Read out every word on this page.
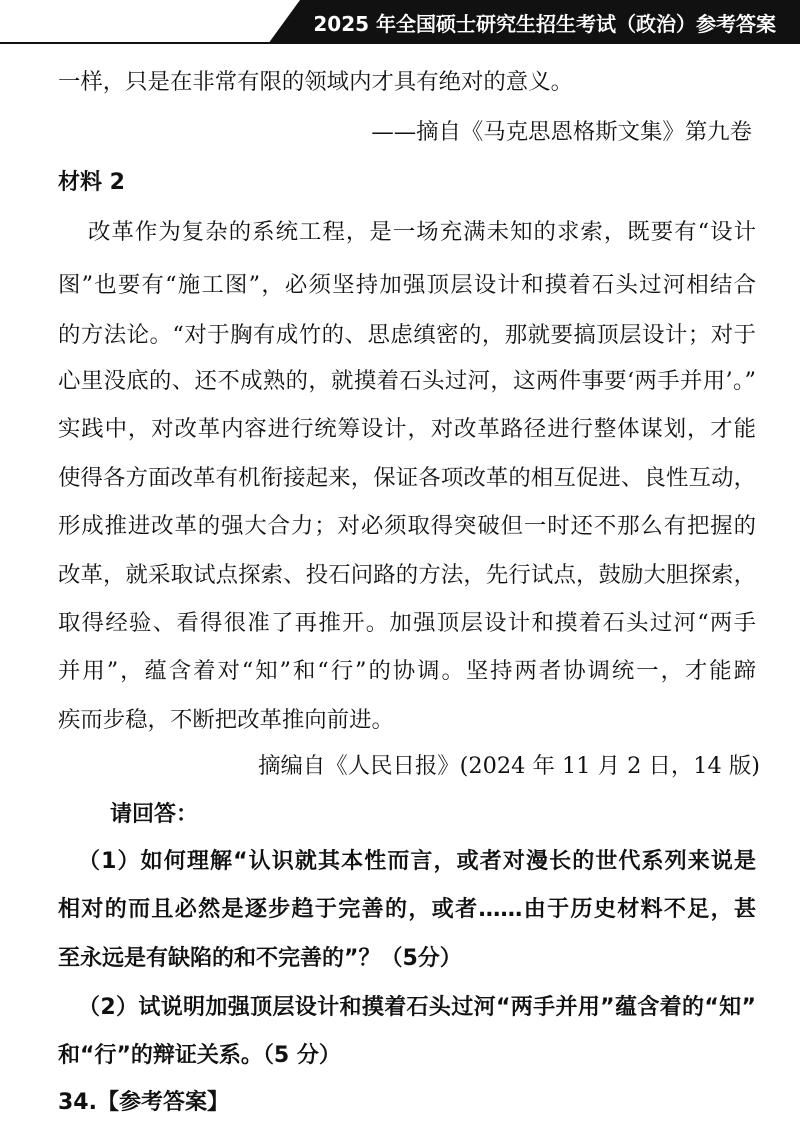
2025 年全国硕士研究生招生考试（政治）参考答案
一样，只是在非常有限的领域内才具有绝对的意义。
——摘自《马克思恩格斯文集》第九卷
材料 2
改革作为复杂的系统工程，是一场充满未知的求索，既要有“设计
图”也要有“施工图”，必须坚持加强顶层设计和摸着石头过河相结合
的方法论。“对于胸有成竹的、思虑缜密的，那就要搞顶层设计；对于
心里没底的、还不成熟的，就摸着石头过河，这两件事要‘两手并用’。”
实践中，对改革内容进行统筹设计，对改革路径进行整体谋划，才能
使得各方面改革有机衔接起来，保证各项改革的相互促进、良性互动，
形成推进改革的强大合力；对必须取得突破但一时还不那么有把握的
改革，就采取试点探索、投石问路的方法，先行试点，鼓励大胆探索，
取得经验、看得很准了再推开。加强顶层设计和摸着石头过河“两手
并用”，蕴含着对“知”和“行”的协调。坚持两者协调统一，才能蹄
疾而步稳，不断把改革推向前进。
摘编自《人民日报》(2024 年 11 月 2 日，14 版)
请回答：
（1）如何理解“认识就其本性而言，或者对漫长的世代系列来说是
相对的而且必然是逐步趋于完善的，或者……由于历史材料不足，甚
至永远是有缺陷的和不完善的”？（5分）
（2）试说明加强顶层设计和摸着石头过河“两手并用”蕴含着的“知”
和“行”的辩证关系。（5 分）
34.【参考答案】
